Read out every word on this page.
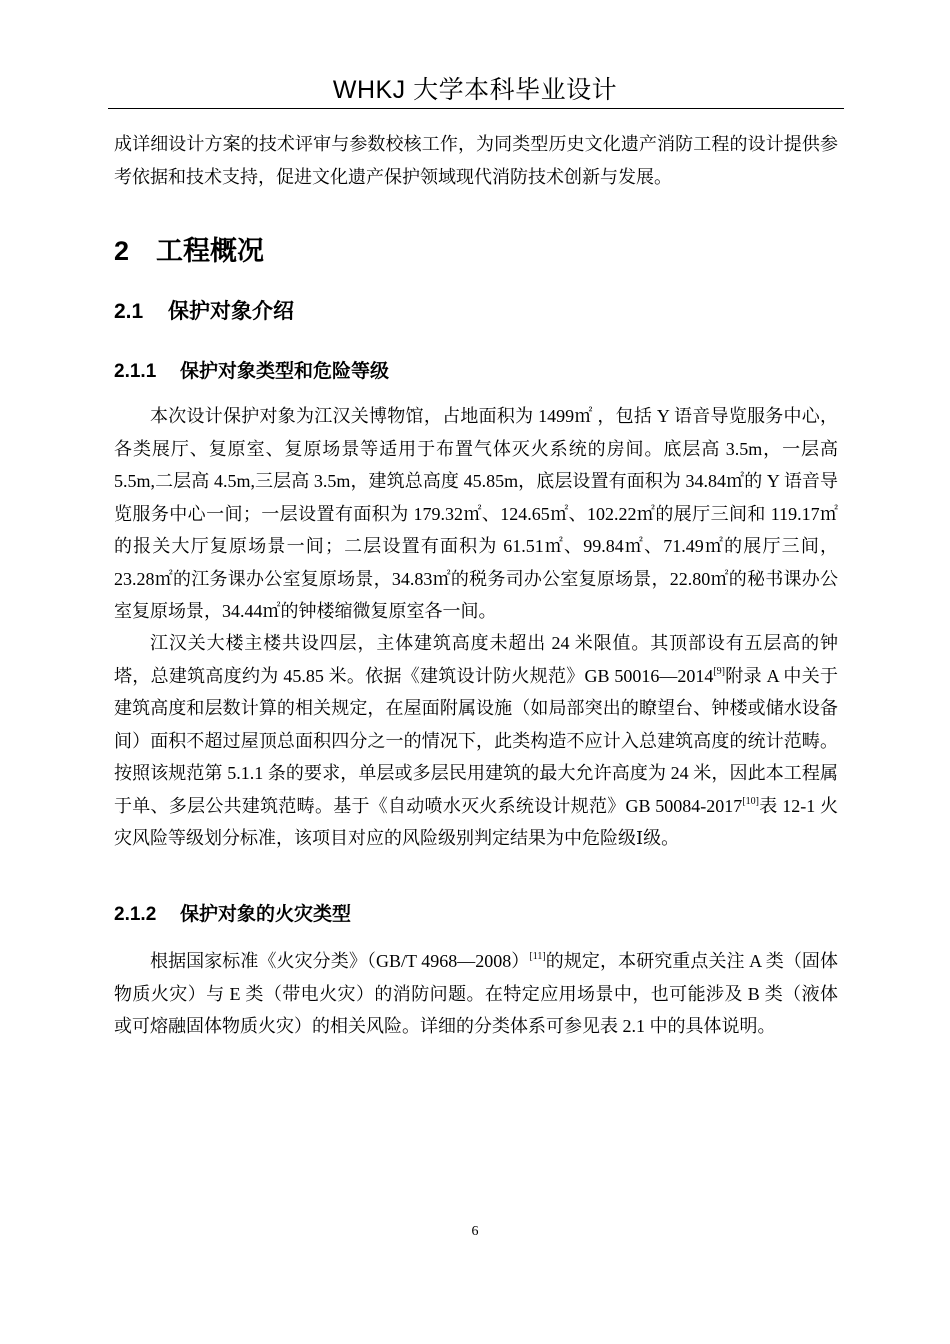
WHKJ 大学本科毕业设计

成详细设计方案的技术评审与参数校核工作，为同类型历史文化遗产消防工程的设计提供参考依据和技术支持，促进文化遗产保护领域现代消防技术创新与发展。

2 工程概况
2.1 保护对象介绍
2.1.1 保护对象类型和危险等级

本次设计保护对象为江汉关博物馆，占地面积为 1499㎡ ，包括 Y 语音导览服务中心，各类展厅、复原室、复原场景等适用于布置气体灭火系统的房间。底层高 3.5m，一层高 5.5m,二层高 4.5m,三层高 3.5m，建筑总高度 45.85m，底层设置有面积为 34.84㎡的 Y 语音导览服务中心一间；一层设置有面积为 179.32㎡、124.65㎡、102.22㎡的展厅三间和 119.17㎡的报关大厅复原场景一间；二层设置有面积为 61.51㎡、99.84㎡、71.49㎡的展厅三间，23.28㎡的江务课办公室复原场景，34.83㎡的税务司办公室复原场景，22.80㎡的秘书课办公室复原场景，34.44㎡的钟楼缩微复原室各一间。

江汉关大楼主楼共设四层，主体建筑高度未超出 24 米限值。其顶部设有五层高的钟塔，总建筑高度约为 45.85 米。依据《建筑设计防火规范》GB 50016—2014[9]附录 A 中关于建筑高度和层数计算的相关规定，在屋面附属设施（如局部突出的瞭望台、钟楼或储水设备间）面积不超过屋顶总面积四分之一的情况下，此类构造不应计入总建筑高度的统计范畴。按照该规范第 5.1.1 条的要求，单层或多层民用建筑的最大允许高度为 24 米，因此本工程属于单、多层公共建筑范畴。基于《自动喷水灭火系统设计规范》GB 50084-2017[10]表 12-1 火灾风险等级划分标准，该项目对应的风险级别判定结果为中危险级Ⅰ级。

2.1.2 保护对象的火灾类型

根据国家标准《火灾分类》（GB/T 4968—2008）[11]的规定，本研究重点关注 A 类（固体物质火灾）与 E 类（带电火灾）的消防问题。在特定应用场景中，也可能涉及 B 类（液体或可熔融固体物质火灾）的相关风险。详细的分类体系可参见表 2.1 中的具体说明。

6
